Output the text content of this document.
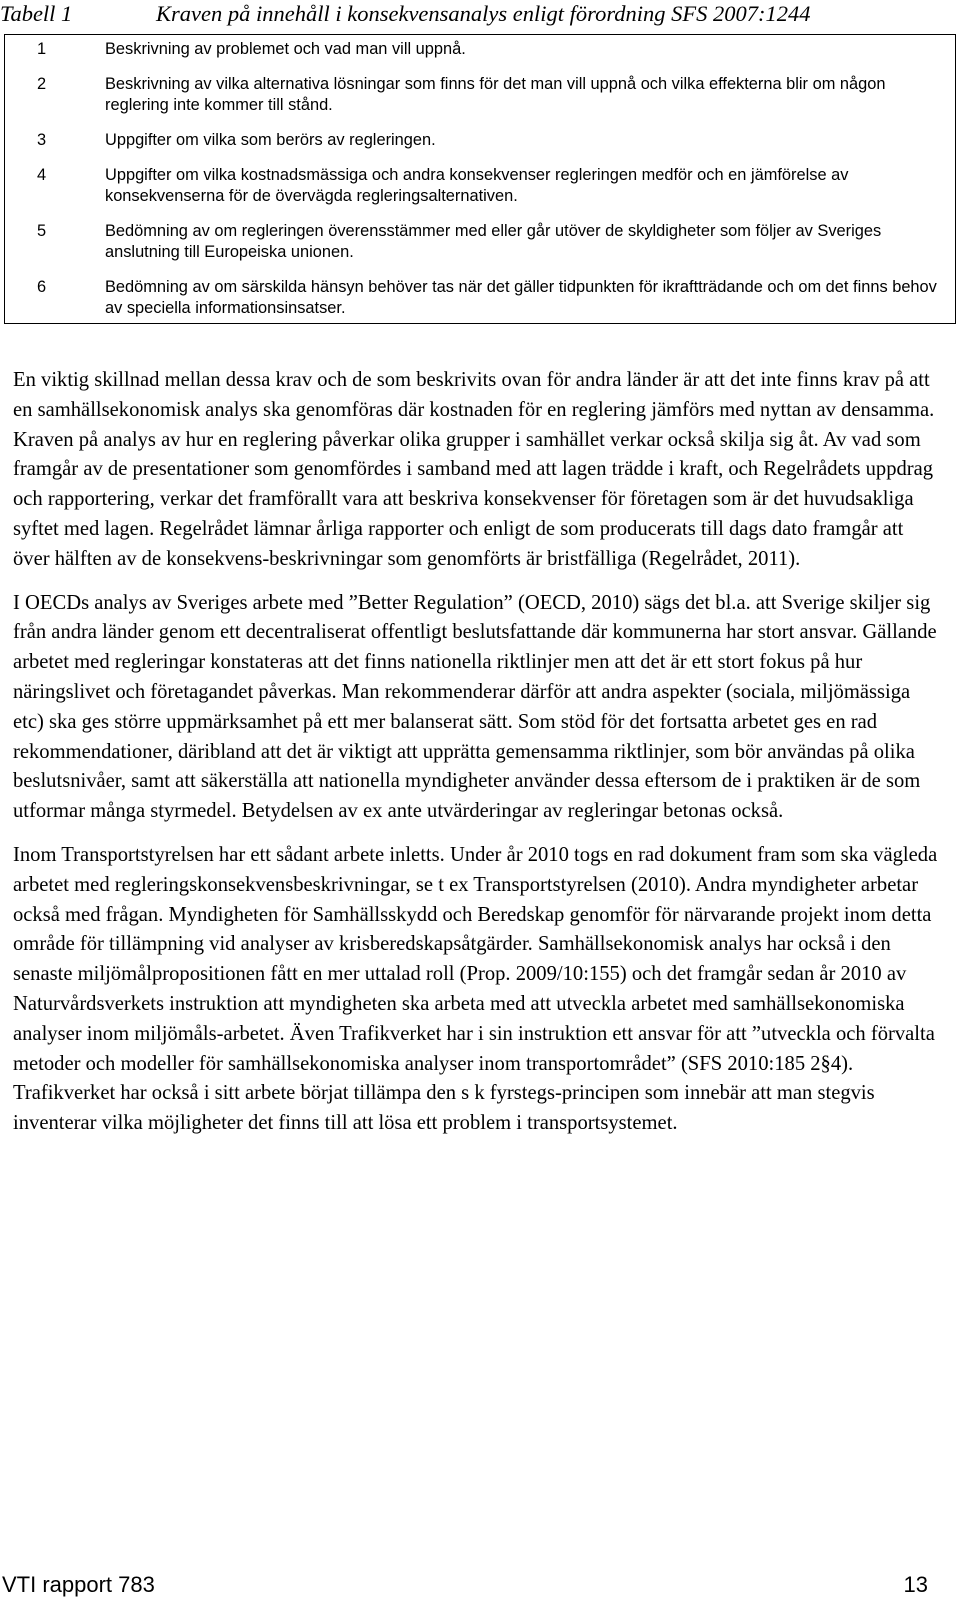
Tabell 1	Kraven på innehåll i konsekvensanalys enligt förordning SFS 2007:1244
1	Beskrivning av problemet och vad man vill uppnå.
2	Beskrivning av vilka alternativa lösningar som finns för det man vill uppnå och vilka effekterna blir om någon reglering inte kommer till stånd.
3	Uppgifter om vilka som berörs av regleringen.
4	Uppgifter om vilka kostnadsmässiga och andra konsekvenser regleringen medför och en jämförelse av konsekvenserna för de övervägda regleringsalternativen.
5	Bedömning av om regleringen överensstämmer med eller går utöver de skyldigheter som följer av Sveriges anslutning till Europeiska unionen.
6	Bedömning av om särskilda hänsyn behöver tas när det gäller tidpunkten för ikraftträdande och om det finns behov av speciella informationsinsatser.

En viktig skillnad mellan dessa krav och de som beskrivits ovan för andra länder är att det inte finns krav på att en samhällsekonomisk analys ska genomföras där kostnaden för en reglering jämförs med nyttan av densamma. Kraven på analys av hur en reglering påverkar olika grupper i samhället verkar också skilja sig åt. Av vad som framgår av de presentationer som genomfördes i samband med att lagen trädde i kraft, och Regelrådets uppdrag och rapportering, verkar det framförallt vara att beskriva konsekvenser för företagen som är det huvudsakliga syftet med lagen. Regelrådet lämnar årliga rapporter och enligt de som producerats till dags dato framgår att över hälften av de konsekvens-beskrivningar som genomförts är bristfälliga (Regelrådet, 2011).

I OECDs analys av Sveriges arbete med ”Better Regulation” (OECD, 2010) sägs det bl.a. att Sverige skiljer sig från andra länder genom ett decentraliserat offentligt beslutsfattande där kommunerna har stort ansvar. Gällande arbetet med regleringar konstateras att det finns nationella riktlinjer men att det är ett stort fokus på hur näringslivet och företagandet påverkas. Man rekommenderar därför att andra aspekter (sociala, miljömässiga etc) ska ges större uppmärksamhet på ett mer balanserat sätt. Som stöd för det fortsatta arbetet ges en rad rekommendationer, däribland att det är viktigt att upprätta gemensamma riktlinjer, som bör användas på olika beslutsnivåer, samt att säkerställa att nationella myndigheter använder dessa eftersom de i praktiken är de som utformar många styrmedel. Betydelsen av ex ante utvärderingar av regleringar betonas också.

Inom Transportstyrelsen har ett sådant arbete inletts. Under år 2010 togs en rad dokument fram som ska vägleda arbetet med regleringskonsekvensbeskrivningar, se t ex Transportstyrelsen (2010). Andra myndigheter arbetar också med frågan. Myndigheten för Samhällsskydd och Beredskap genomför för närvarande projekt inom detta område för tillämpning vid analyser av krisberedskapsåtgärder. Samhällsekonomisk analys har också i den senaste miljömålpropositionen fått en mer uttalad roll (Prop. 2009/10:155) och det framgår sedan år 2010 av Naturvårdsverkets instruktion att myndigheten ska arbeta med att utveckla arbetet med samhällsekonomiska analyser inom miljömåls-arbetet. Även Trafikverket har i sin instruktion ett ansvar för att ”utveckla och förvalta metoder och modeller för samhällsekonomiska analyser inom transportområdet” (SFS 2010:185 2§4). Trafikverket har också i sitt arbete börjat tillämpa den s k fyrstegs-principen som innebär att man stegvis inventerar vilka möjligheter det finns till att lösa ett problem i transportsystemet.

VTI rapport 783	13
